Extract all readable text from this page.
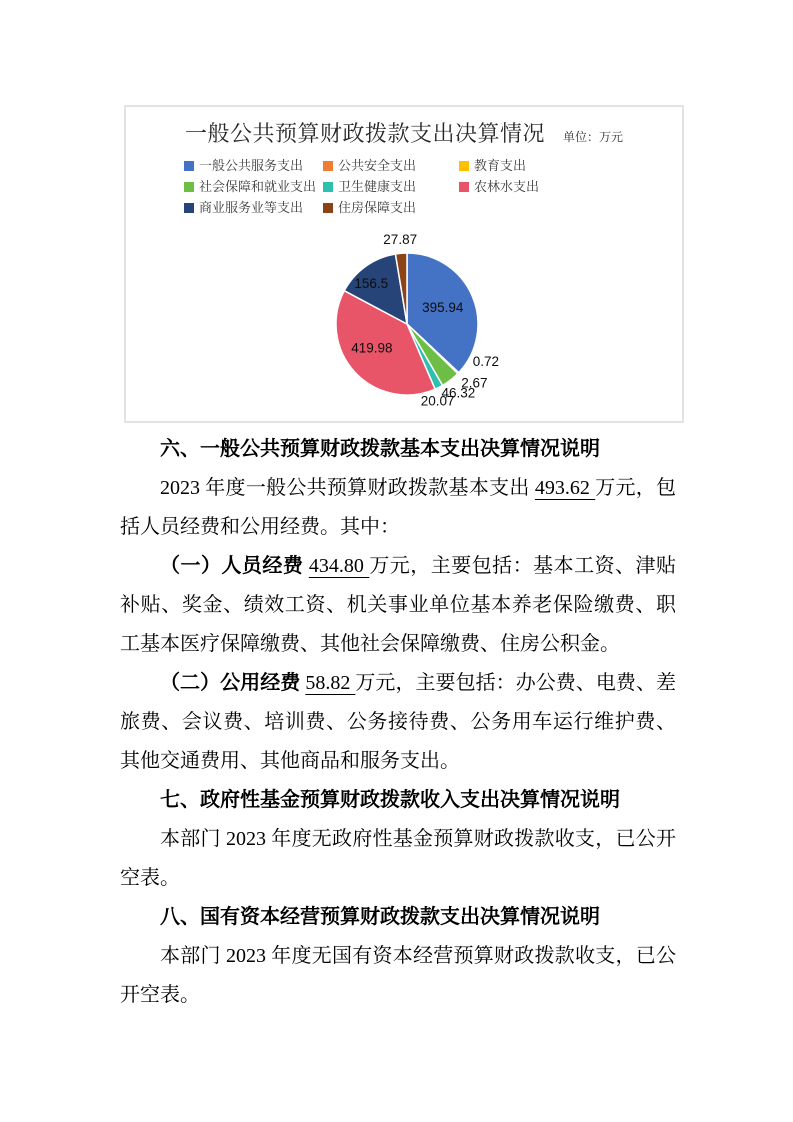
一般公共预算财政拨款支出决算情况 单位：万元
一般公共服务支出	公共安全支出	教育支出
社会保障和就业支出 卫生健康支出	农林水支出
商业服务业等支出	住房保障支出
395.94
0.72
2.67
46.32
20.07
419.98
156.5
27.87

六、一般公共预算财政拨款基本支出决算情况说明

2023 年度一般公共预算财政拨款基本支出 493.62 万元，包括人员经费和公用经费。其中：

（一）人员经费 434.80 万元，主要包括：基本工资、津贴补贴、奖金、绩效工资、机关事业单位基本养老保险缴费、职工基本医疗保障缴费、其他社会保障缴费、住房公积金。

（二）公用经费 58.82 万元，主要包括：办公费、电费、差旅费、会议费、培训费、公务接待费、公务用车运行维护费、其他交通费用、其他商品和服务支出。

七、政府性基金预算财政拨款收入支出决算情况说明

本部门 2023 年度无政府性基金预算财政拨款收支，已公开空表。

八、国有资本经营预算财政拨款支出决算情况说明

本部门 2023 年度无国有资本经营预算财政拨款收支，已公开空表。
